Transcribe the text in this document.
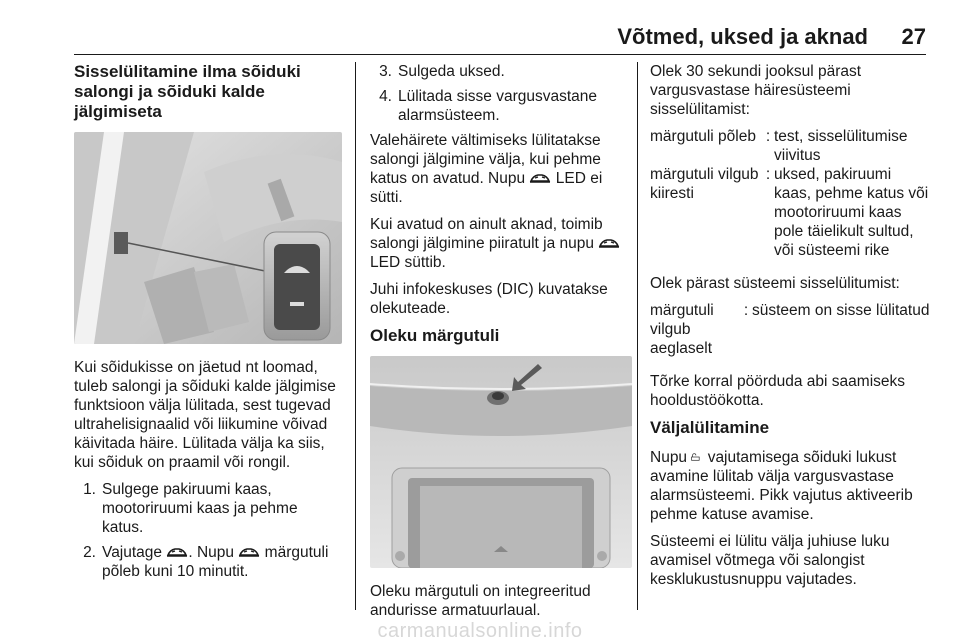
Võtmed, uksed ja aknad 27
Sisselülitamine ilma sõiduki salongi ja sõiduki kalde jälgimiseta

Kui sõidukisse on jäetud nt loomad, tuleb salongi ja sõiduki kalde jälgimise funktsioon välja lülitada, sest tugevad ultrahelisignaalid või liikumine võivad käivitada häire. Lülitada välja ka siis, kui sõiduk on praamil või rongil.

1. Sulgege pakiruumi kaas, mootoriruumi kaas ja pehme katus.
2. Vajutage . Nupu märgutuli põleb kuni 10 minutit.
3. Sulgeda uksed.
4. Lülitada sisse vargusvastane alarmsüsteem.

Valehäirete vältimiseks lülitatakse salongi jälgimine välja, kui pehme katus on avatud. Nupu LED ei sütti.

Kui avatud on ainult aknad, toimib salongi jälgimine piiratult ja nupu  LED süttib.

Juhi infokeskuses (DIC) kuvatakse olekuteade.

Oleku märgutuli

Oleku märgutuli on integreeritud andurisse armatuurlaual.

Olek 30 sekundi jooksul pärast vargusvastase häiresüsteemi sisselülitamist:

märgutuli põleb : test, sisselülitumise viivitus
märgutuli vilgub kiiresti
: uksed, pakiruumi kaas, pehme katus või mootoriruumi kaas pole täielikult sultud, või süsteemi rike

Olek pärast süsteemi sisselülitumist:

märgutuli vilgub aeglaselt
: süsteem on sisse lülitatud

Tõrke korral pöörduda abi saamiseks hooldustöökotta.

Väljalülitamine

Nupu vajutamisega sõiduki lukust avamine lülitab välja vargusvastase alarmsüsteemi. Pikk vajutus aktiveerib pehme katuse avamise.

Süsteemi ei lülitu välja juhiuse luku avamisel võtmega või salongist kesklukustusnuppu vajutades.

carmanualsonline.info
